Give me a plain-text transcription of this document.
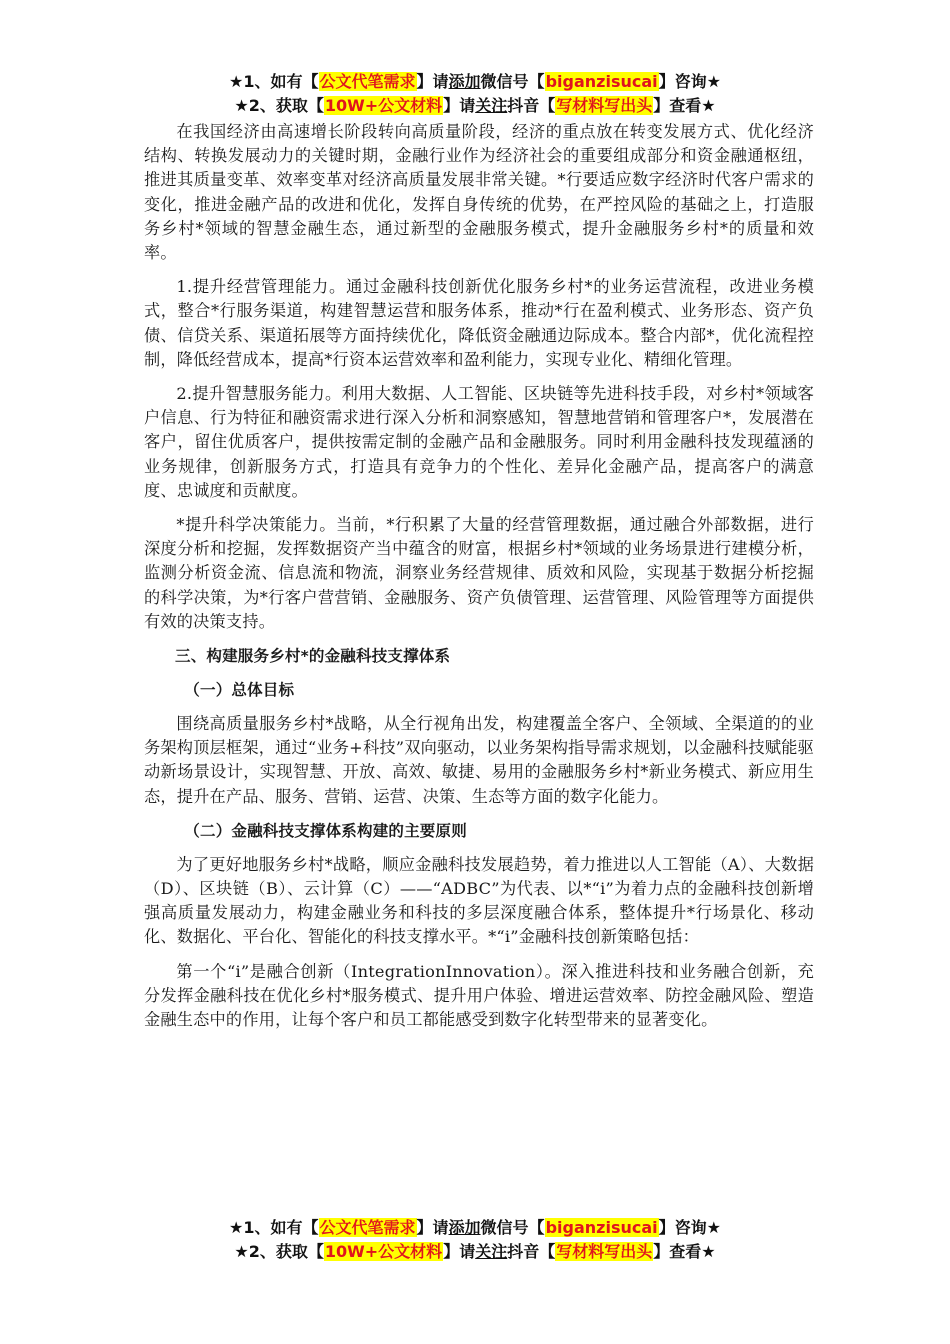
★1、如有【公文代笔需求】请添加微信号【biganzisucai】咨询★
★2、获取【10W+公文材料】请关注抖音【写材料写出头】查看★

在我国经济由高速增长阶段转向高质量阶段，经济的重点放在转变发展方式、优化经济结构、转换发展动力的关键时期，金融行业作为经济社会的重要组成部分和资金融通枢纽，推进其质量变革、效率变革对经济高质量发展非常关键。*行要适应数字经济时代客户需求的变化，推进金融产品的改进和优化，发挥自身传统的优势，在严控风险的基础之上，打造服务乡村*领域的智慧金融生态，通过新型的金融服务模式，提升金融服务乡村*的质量和效率。

1.提升经营管理能力。通过金融科技创新优化服务乡村*的业务运营流程，改进业务模式，整合*行服务渠道，构建智慧运营和服务体系，推动*行在盈利模式、业务形态、资产负债、信贷关系、渠道拓展等方面持续优化，降低资金融通边际成本。整合内部*，优化流程控制，降低经营成本，提高*行资本运营效率和盈利能力，实现专业化、精细化管理。

2.提升智慧服务能力。利用大数据、人工智能、区块链等先进科技手段，对乡村*领域客户信息、行为特征和融资需求进行深入分析和洞察感知，智慧地营销和管理客户*，发展潜在客户，留住优质客户，提供按需定制的金融产品和金融服务。同时利用金融科技发现蕴涵的业务规律，创新服务方式，打造具有竞争力的个性化、差异化金融产品，提高客户的满意度、忠诚度和贡献度。

*提升科学决策能力。当前，*行积累了大量的经营管理数据，通过融合外部数据，进行深度分析和挖掘，发挥数据资产当中蕴含的财富，根据乡村*领域的业务场景进行建模分析，监测分析资金流、信息流和物流，洞察业务经营规律、质效和风险，实现基于数据分析挖掘的科学决策，为*行客户营营销、金融服务、资产负债管理、运营管理、风险管理等方面提供有效的决策支持。

三、构建服务乡村*的金融科技支撑体系

（一）总体目标

围绕高质量服务乡村*战略，从全行视角出发，构建覆盖全客户、全领域、全渠道的的业务架构顶层框架，通过“业务+科技”双向驱动，以业务架构指导需求规划，以金融科技赋能驱动新场景设计，实现智慧、开放、高效、敏捷、易用的金融服务乡村*新业务模式、新应用生态，提升在产品、服务、营销、运营、决策、生态等方面的数字化能力。

（二）金融科技支撑体系构建的主要原则

为了更好地服务乡村*战略，顺应金融科技发展趋势，着力推进以人工智能（A）、大数据（D）、区块链（B）、云计算（C）——“ADBC”为代表、以*“i”为着力点的金融科技创新增强高质量发展动力，构建金融业务和科技的多层深度融合体系，整体提升*行场景化、移动化、数据化、平台化、智能化的科技支撑水平。*“i”金融科技创新策略包括：

第一个“i”是融合创新（IntegrationInnovation）。深入推进科技和业务融合创新，充分发挥金融科技在优化乡村*服务模式、提升用户体验、增进运营效率、防控金融风险、塑造金融生态中的作用，让每个客户和员工都能感受到数字化转型带来的显著变化。

★1、如有【公文代笔需求】请添加微信号【biganzisucai】咨询★
★2、获取【10W+公文材料】请关注抖音【写材料写出头】查看★
